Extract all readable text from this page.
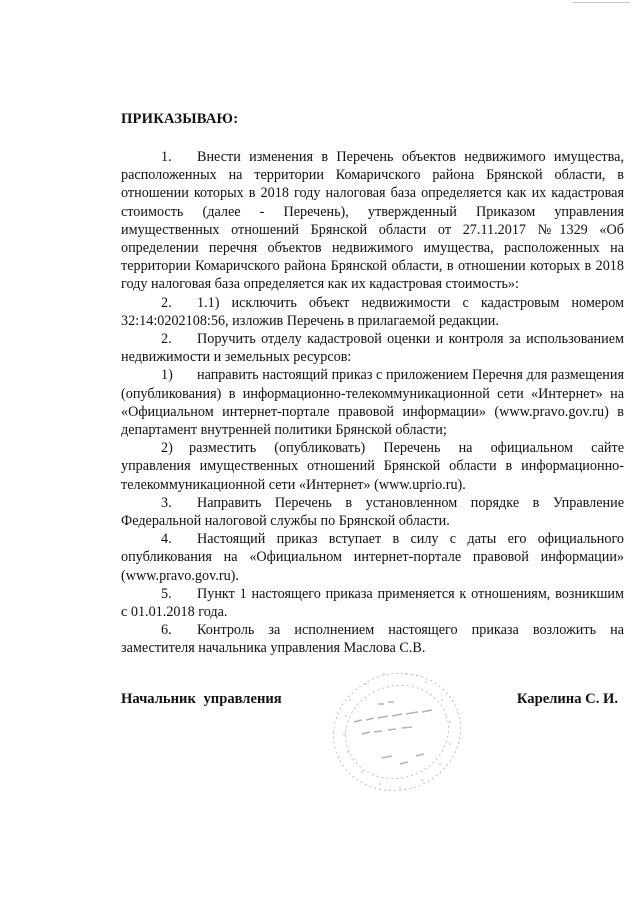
ПРИКАЗЫВАЮ:

1. Внести изменения в Перечень объектов недвижимого имущества, расположенных на территории Комаричского района Брянской области, в отношении которых в 2018 году налоговая база определяется как их кадастровая стоимость (далее - Перечень), утвержденный Приказом управления имущественных отношений Брянской области от 27.11.2017 №1329 «Об определении перечня объектов недвижимого имущества, расположенных на территории Комаричского района Брянской области, в отношении которых в 2018 году налоговая база определяется как их кадастровая стоимость»:

2. 1.1) исключить объект недвижимости с кадастровым номером 32:14:0202108:56, изложив Перечень в прилагаемой редакции.

2. Поручить отделу кадастровой оценки и контроля за использованием недвижимости и земельных ресурсов:

1) направить настоящий приказ с приложением Перечня для размещения (опубликования) в информационно-телекоммуникационной сети «Интернет» на «Официальном интернет-портале правовой информации» (www.pravo.gov.ru) в департамент внутренней политики Брянской области;

2) разместить (опубликовать) Перечень на официальном сайте управления имущественных отношений Брянской области в информационно-телекоммуникационной сети «Интернет» (www.uprio.ru).

3. Направить Перечень в установленном порядке в Управление Федеральной налоговой службы по Брянской области.

4. Настоящий приказ вступает в силу с даты его официального опубликования на «Официальном интернет-портале правовой информации» (www.pravo.gov.ru).

5. Пункт 1 настоящего приказа применяется к отношениям, возникшим с 01.01.2018 года.

6. Контроль за исполнением настоящего приказа возложить на заместителя начальника управления Маслова С.В.

Начальник управления	Карелина С. И.
